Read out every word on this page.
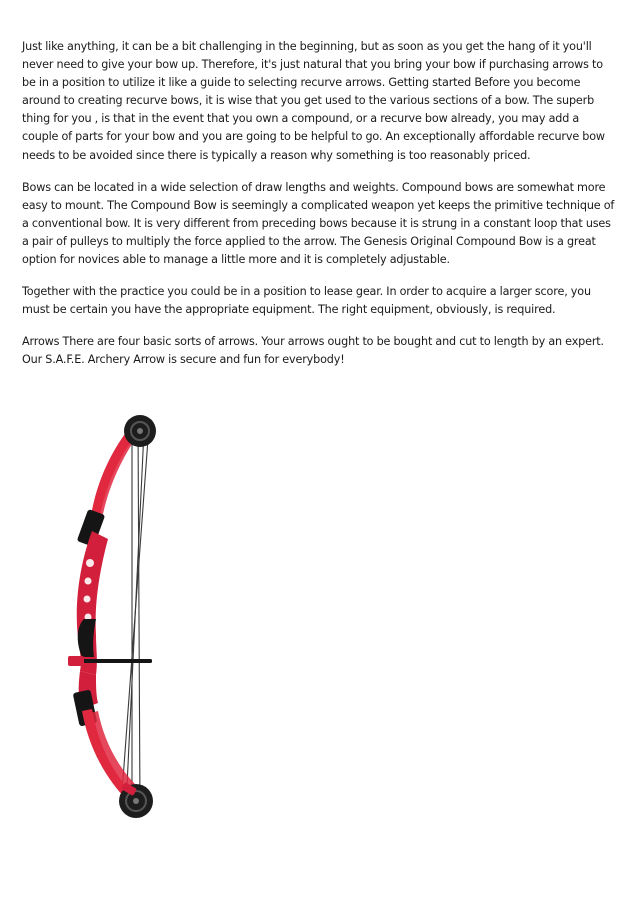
Just like anything, it can be a bit challenging in the beginning, but as soon as you get the hang of it you'll never need to give your bow up. Therefore, it's just natural that you bring your bow if purchasing arrows to be in a position to utilize it like a guide to selecting recurve arrows. Getting started Before you become around to creating recurve bows, it is wise that you get used to the various sections of a bow. The superb thing for you , is that in the event that you own a compound, or a recurve bow already, you may add a couple of parts for your bow and you are going to be helpful to go. An exceptionally affordable recurve bow needs to be avoided since there is typically a reason why something is too reasonably priced.

Bows can be located in a wide selection of draw lengths and weights. Compound bows are somewhat more easy to mount. The Compound Bow is seemingly a complicated weapon yet keeps the primitive technique of a conventional bow. It is very different from preceding bows because it is strung in a constant loop that uses a pair of pulleys to multiply the force applied to the arrow. The Genesis Original Compound Bow is a great option for novices able to manage a little more and it is completely adjustable.

Together with the practice you could be in a position to lease gear. In order to acquire a larger score, you must be certain you have the appropriate equipment. The right equipment, obviously, is required.

Arrows There are four basic sorts of arrows. Your arrows ought to be bought and cut to length by an expert. Our S.A.F.E. Archery Arrow is secure and fun for everybody!
